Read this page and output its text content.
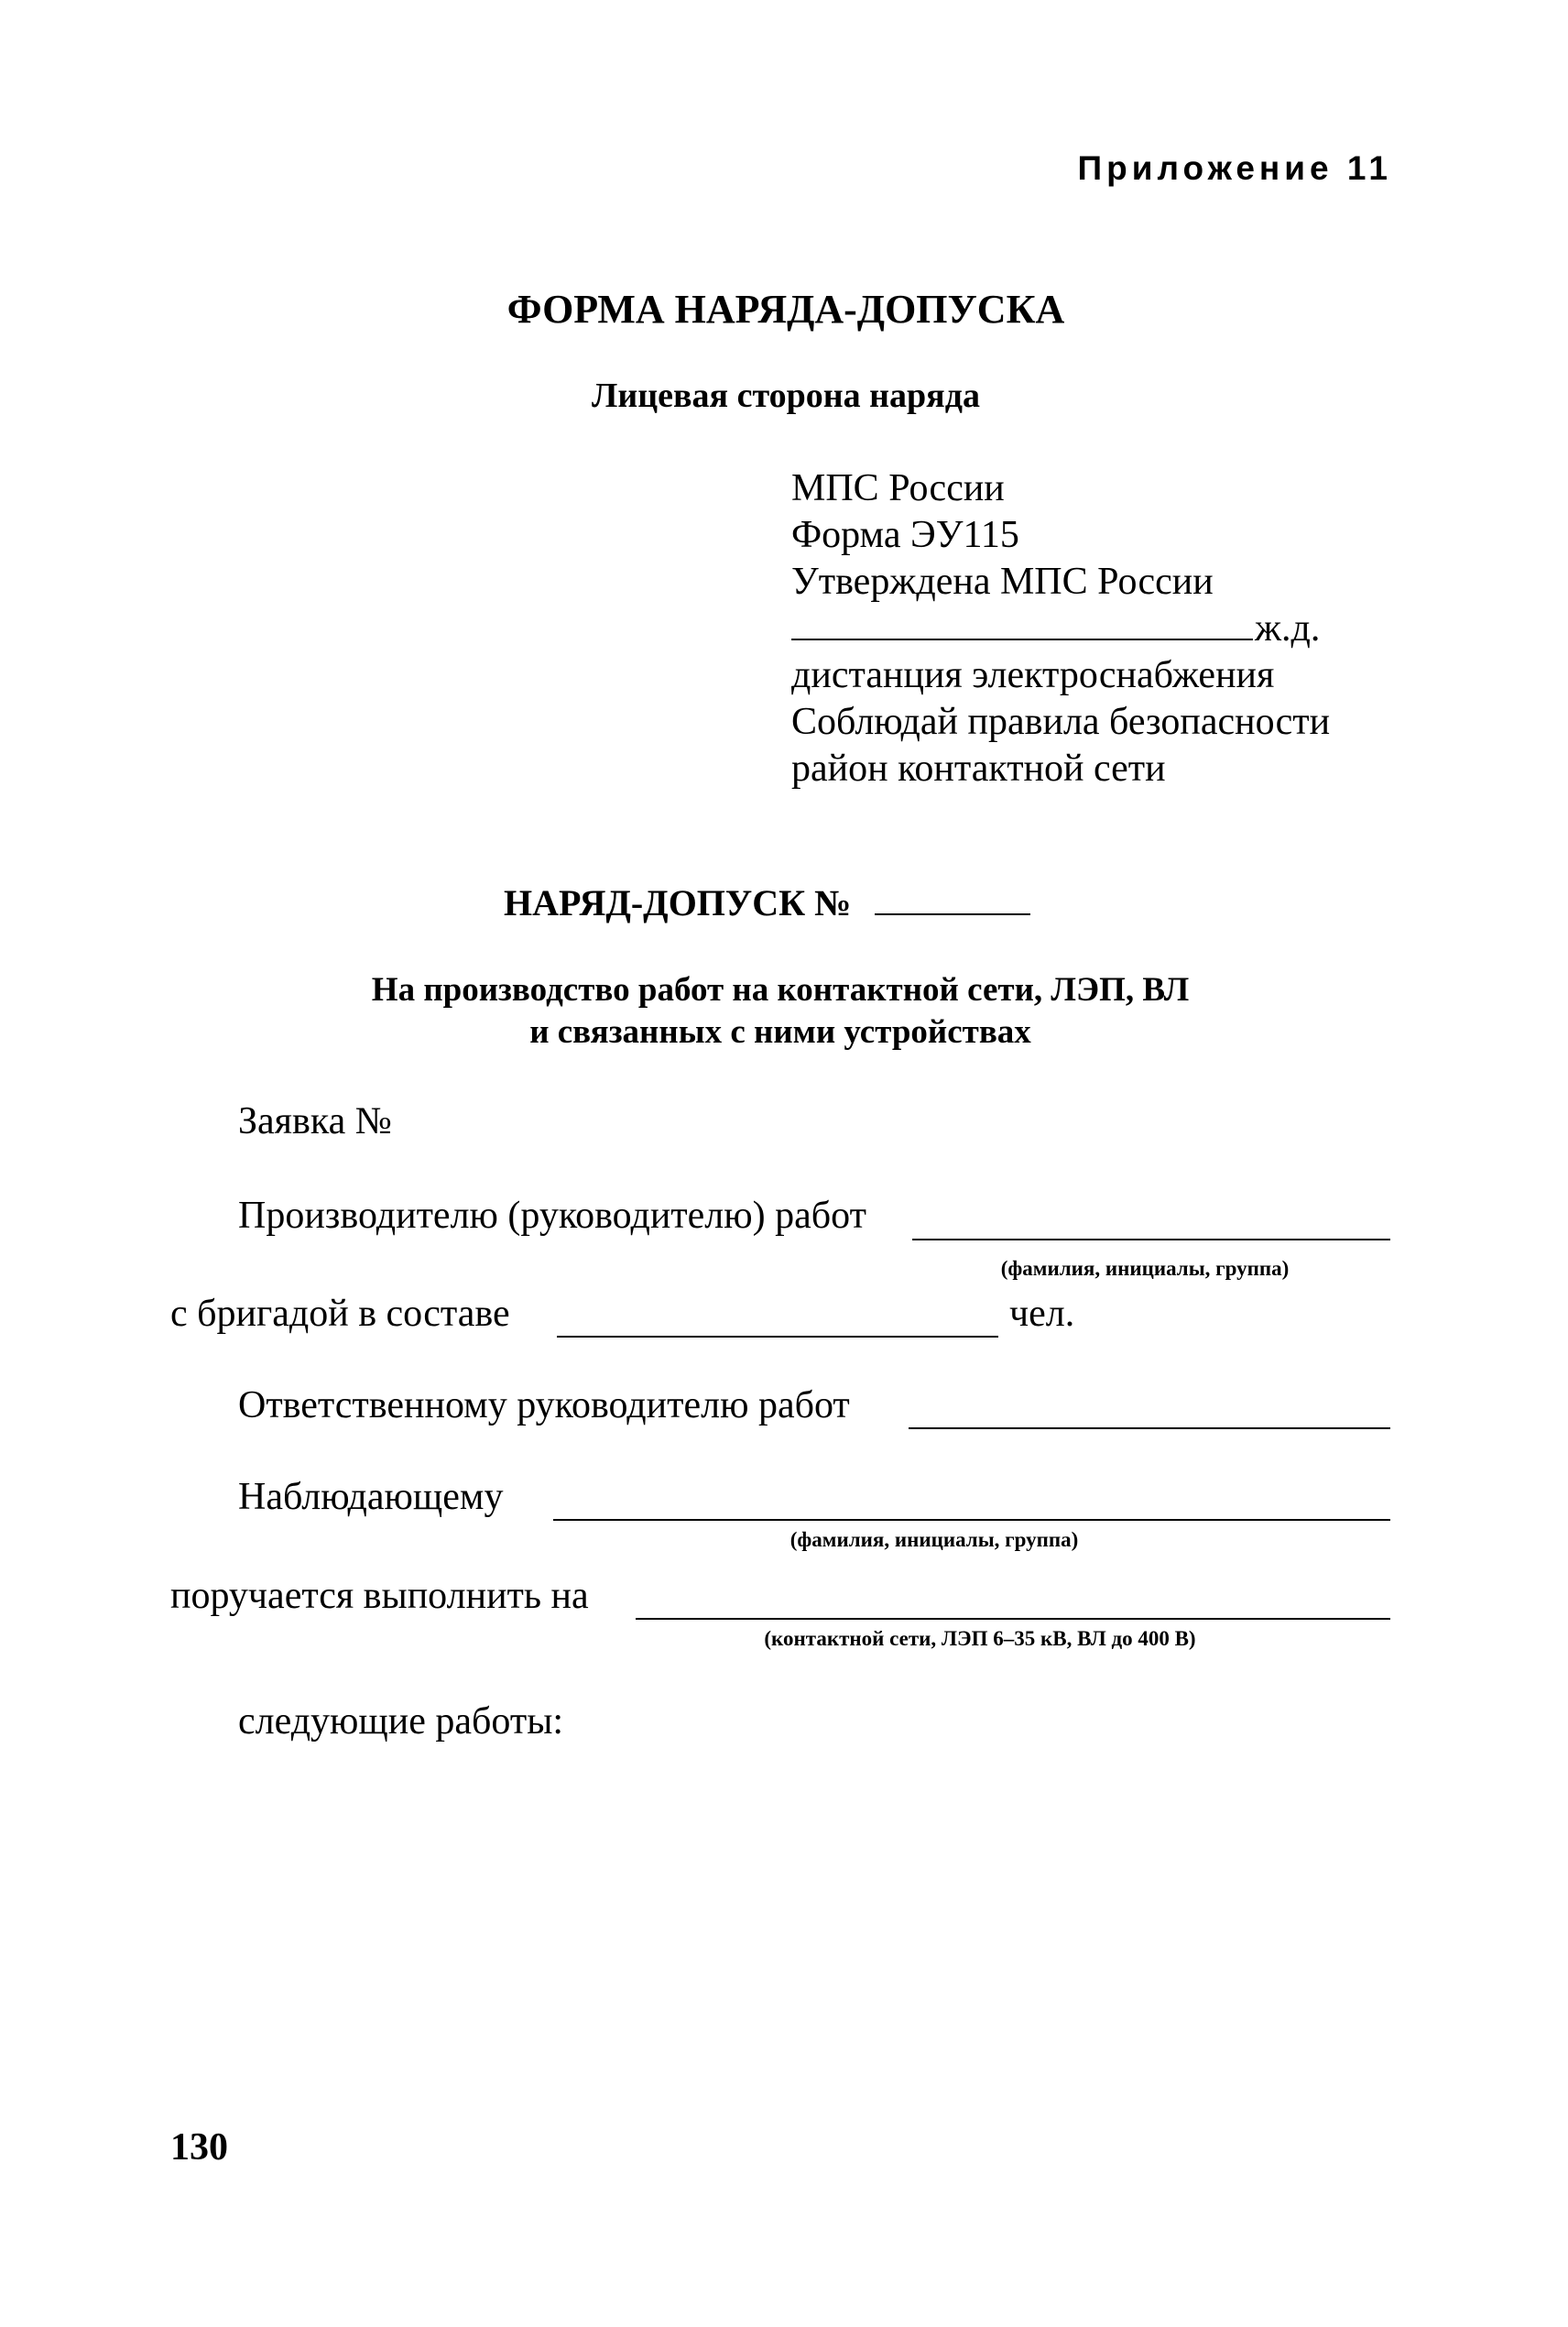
Приложение 11
ФОРМА НАРЯДА-ДОПУСКА
Лицевая сторона наряда
МПС России
Форма ЭУ115
Утверждена МПС России
ж.д.
дистанция электроснабжения
Соблюдай правила безопасности
район контактной сети
НАРЯД-ДОПУСК №
На производство работ на контактной сети, ЛЭП, ВЛ
и связанных с ними устройствах
Заявка №
Производителю (руководителю) работ
(фамилия, инициалы, группа)
с бригадой в составе	чел.
Ответственному руководителю работ
Наблюдающему
(фамилия, инициалы, группа)
поручается выполнить на
(контактной сети, ЛЭП 6–35 кВ, ВЛ до 400 В)
следующие работы:
130
